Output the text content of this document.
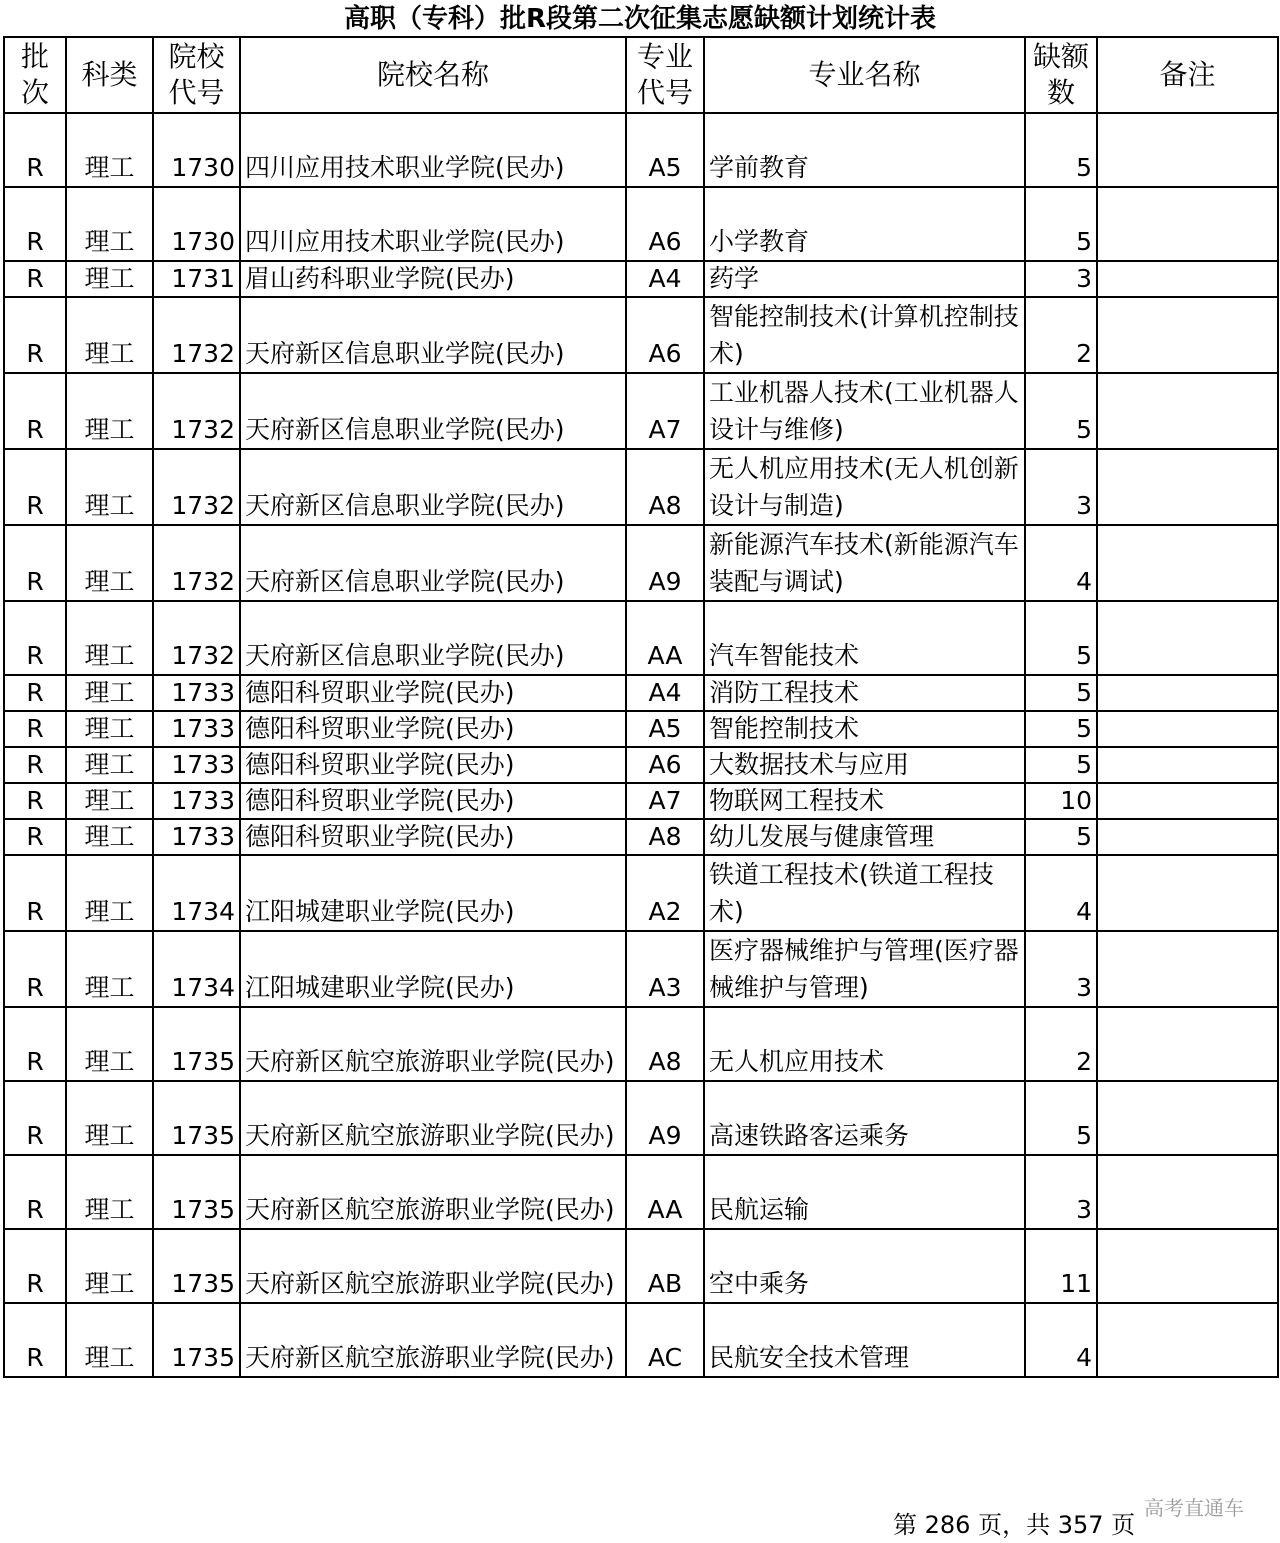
高职（专科）批R段第二次征集志愿缺额计划统计表
批次	科类	院校代号	院校名称	专业代号	专业名称	缺额数	备注
R	理工	1730	四川应用技术职业学院(民办)	A5	学前教育	5	
R	理工	1730	四川应用技术职业学院(民办)	A6	小学教育	5	
R	理工	1731	眉山药科职业学院(民办)	A4	药学	3	
R	理工	1732	天府新区信息职业学院(民办)	A6	智能控制技术(计算机控制技术)	2	
R	理工	1732	天府新区信息职业学院(民办)	A7	工业机器人技术(工业机器人设计与维修)	5	
R	理工	1732	天府新区信息职业学院(民办)	A8	无人机应用技术(无人机创新设计与制造)	3	
R	理工	1732	天府新区信息职业学院(民办)	A9	新能源汽车技术(新能源汽车装配与调试)	4	
R	理工	1732	天府新区信息职业学院(民办)	AA	汽车智能技术	5	
R	理工	1733	德阳科贸职业学院(民办)	A4	消防工程技术	5	
R	理工	1733	德阳科贸职业学院(民办)	A5	智能控制技术	5	
R	理工	1733	德阳科贸职业学院(民办)	A6	大数据技术与应用	5	
R	理工	1733	德阳科贸职业学院(民办)	A7	物联网工程技术	10	
R	理工	1733	德阳科贸职业学院(民办)	A8	幼儿发展与健康管理	5	
R	理工	1734	江阳城建职业学院(民办)	A2	铁道工程技术(铁道工程技术)	4	
R	理工	1734	江阳城建职业学院(民办)	A3	医疗器械维护与管理(医疗器械维护与管理)	3	
R	理工	1735	天府新区航空旅游职业学院(民办)	A8	无人机应用技术	2	
R	理工	1735	天府新区航空旅游职业学院(民办)	A9	高速铁路客运乘务	5	
R	理工	1735	天府新区航空旅游职业学院(民办)	AA	民航运输	3	
R	理工	1735	天府新区航空旅游职业学院(民办)	AB	空中乘务	11	
R	理工	1735	天府新区航空旅游职业学院(民办)	AC	民航安全技术管理	4	
高考直通车
第 286 页，共 357 页
